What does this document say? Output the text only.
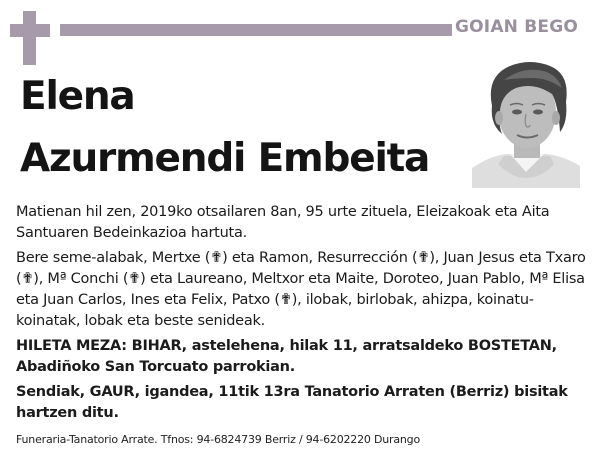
GOIAN BEGO
Elena
Azurmendi Embeita

Matienan hil zen, 2019ko otsailaren 8an, 95 urte zituela, Eleizakoak eta Aita Santuaren Bedeinkazioa hartuta.

Bere seme-alabak, Mertxe (✟) eta Ramon, Resurrección (✟), Juan Jesus eta Txaro (✟), Mª Conchi (✟) eta Laureano, Meltxor eta Maite, Doroteo, Juan Pablo, Mª Elisa eta Juan Carlos, Ines eta Felix, Patxo (✟), ilobak, birlobak, ahizpa, koinatu-koinatak, lobak eta beste senideak.

HILETA MEZA: BIHAR, astelehena, hilak 11, arratsaldeko BOSTETAN, Abadiñoko San Torcuato parrokian.

Sendiak, GAUR, igandea, 11tik 13ra Tanatorio Arraten (Berriz) bisitak hartzen ditu.

Funeraria-Tanatorio Arrate. Tfnos: 94-6824739 Berriz / 94-6202220 Durango
